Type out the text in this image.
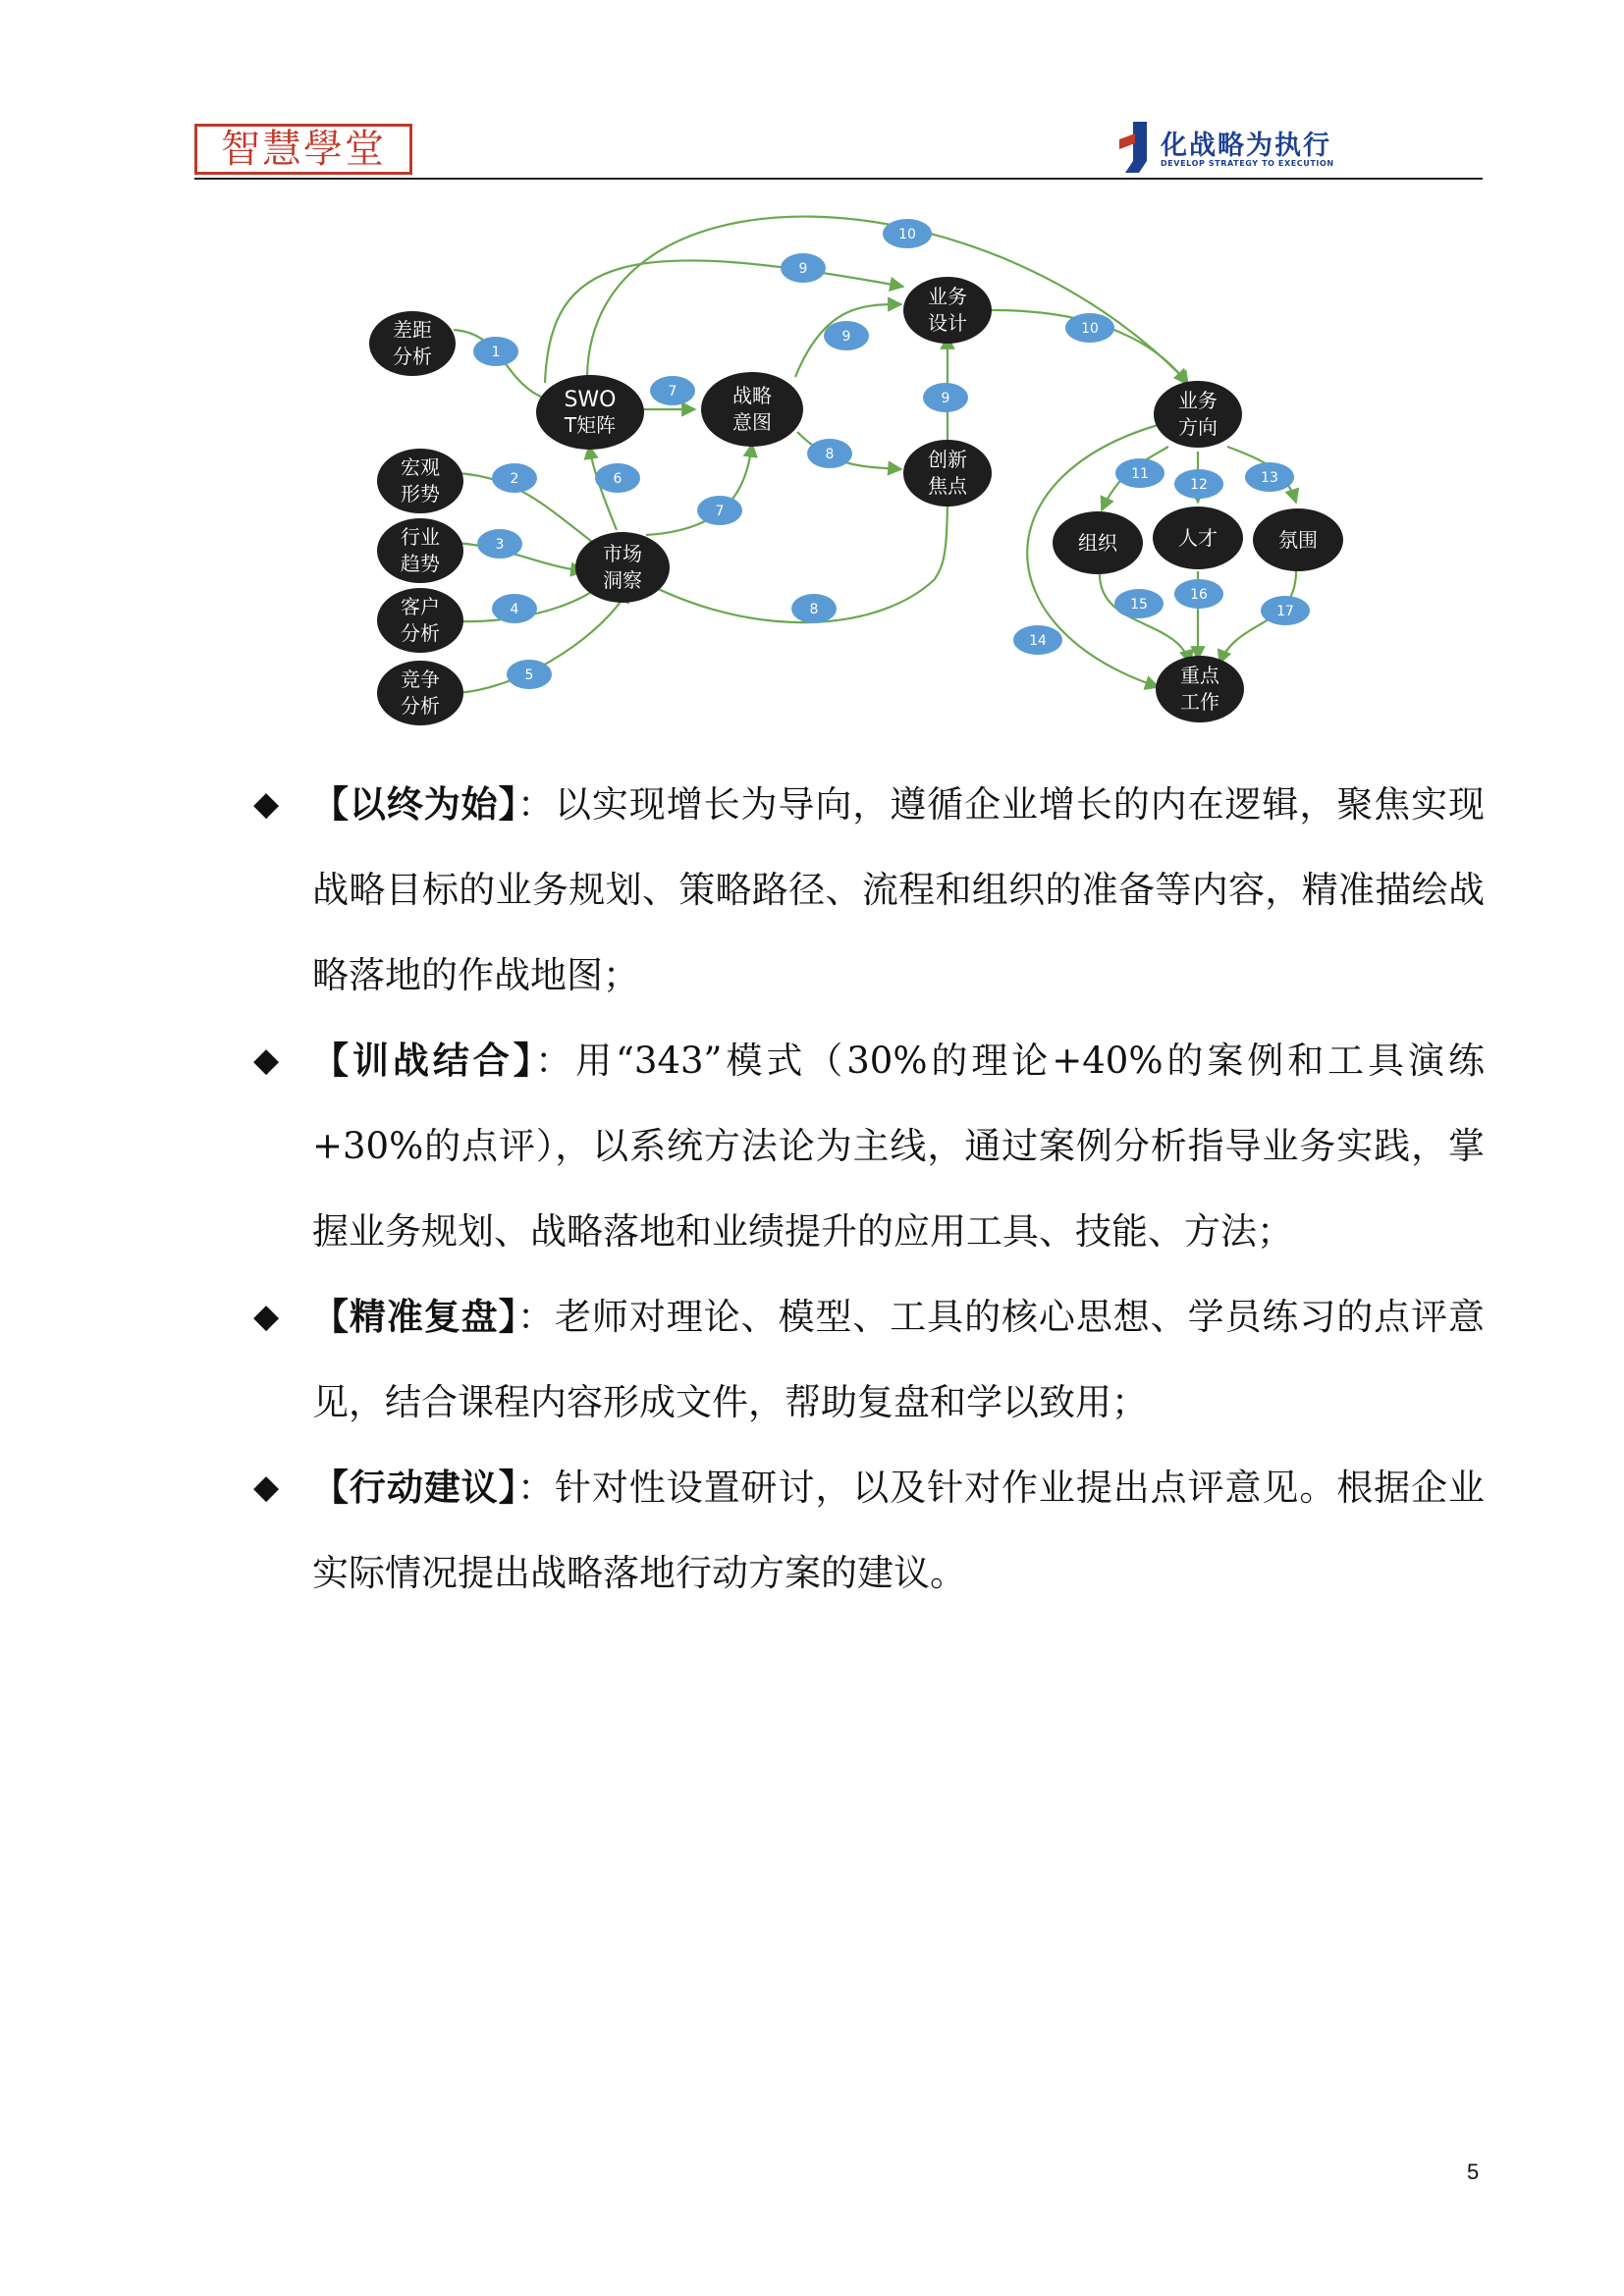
智慧學堂	化战略为执行
DEVELOP STRATEGY TO EXECUTION
1
2
3
4
5
6
7
7
8
8
9
9
9
10
10
11
12	13
14
15
16
17
差距
分析
SWO
T矩阵
宏观
形势
行业
趋势
客户
分析
竞争
分析
市场
洞察
战略
意图
业务
设计
创新
焦点
业务
方向
组织	人才	氛围
重点
工作
◆ 【以终为始】：以实现增长为导向，遵循企业增长的内在逻辑，聚焦实现战略目标的业务规划、策略路径、流程和组织的准备等内容，精准描绘战略落地的作战地图；
◆ 【训战结合】：用“343”模式（30%的理论+40%的案例和工具演练+30%的点评），以系统方法论为主线，通过案例分析指导业务实践，掌握业务规划、战略落地和业绩提升的应用工具、技能、方法；
◆ 【精准复盘】：老师对理论、模型、工具的核心思想、学员练习的点评意见，结合课程内容形成文件，帮助复盘和学以致用；
◆ 【行动建议】：针对性设置研讨，以及针对作业提出点评意见。根据企业实际情况提出战略落地行动方案的建议。
5
